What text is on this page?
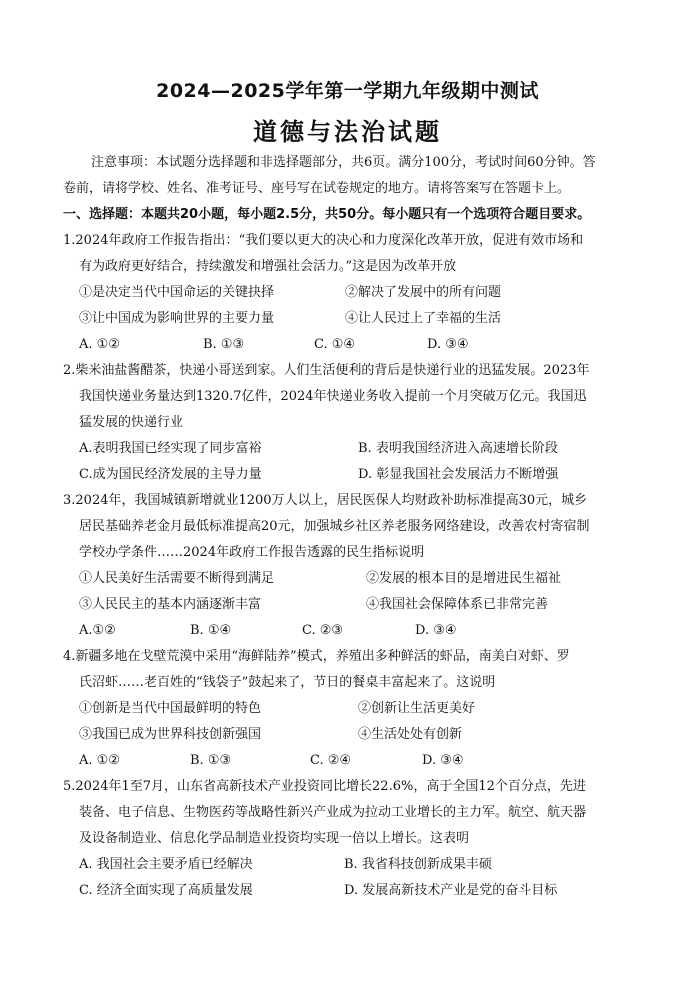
2024—2025学年第一学期九年级期中测试
道德与法治试题
注意事项：本试题分选择题和非选择题部分，共6页。满分100分，考试时间60分钟。答
卷前，请将学校、姓名、准考证号、座号写在试卷规定的地方。请将答案写在答题卡上。
一、选择题：本题共20小题，每小题2.5分，共50分。每小题只有一个选项符合题目要求。
1.2024年政府工作报告指出：“我们要以更大的决心和力度深化改革开放，促进有效市场和
有为政府更好结合，持续激发和增强社会活力。”这是因为改革开放
①是决定当代中国命运的关键抉择	②解决了发展中的所有问题
③让中国成为影响世界的主要力量	④让人民过上了幸福的生活
A. ①②	B. ①③	C. ①④	D. ③④
2.柴米油盐酱醋茶，快递小哥送到家。人们生活便利的背后是快递行业的迅猛发展。2023年
我国快递业务量达到1320.7亿件，2024年快递业务收入提前一个月突破万亿元。我国迅
猛发展的快递行业
A.表明我国已经实现了同步富裕	B. 表明我国经济进入高速增长阶段
C.成为国民经济发展的主导力量	D. 彰显我国社会发展活力不断增强
3.2024年，我国城镇新增就业1200万人以上，居民医保人均财政补助标准提高30元，城乡
居民基础养老金月最低标准提高20元，加强城乡社区养老服务网络建设，改善农村寄宿制
学校办学条件……2024年政府工作报告透露的民生指标说明
①人民美好生活需要不断得到满足	②发展的根本目的是增进民生福祉
③人民民主的基本内涵逐渐丰富	④我国社会保障体系已非常完善
A.①②	B. ①④	C. ②③	D. ③④
4.新疆多地在戈壁荒漠中采用“海鲜陆养”模式，养殖出多种鲜活的虾品，南美白对虾、罗
氏沼虾……老百姓的“钱袋子”鼓起来了，节日的餐桌丰富起来了。这说明
①创新是当代中国最鲜明的特色	②创新让生活更美好
③我国已成为世界科技创新强国	④生活处处有创新
A. ①②	B. ①③	C. ②④	D. ③④
5.2024年1至7月，山东省高新技术产业投资同比增长22.6%，高于全国12个百分点，先进
装备、电子信息、生物医药等战略性新兴产业成为拉动工业增长的主力军。航空、航天器
及设备制造业、信息化学品制造业投资均实现一倍以上增长。这表明
A. 我国社会主要矛盾已经解决	B. 我省科技创新成果丰硕
C. 经济全面实现了高质量发展	D. 发展高新技术产业是党的奋斗目标
